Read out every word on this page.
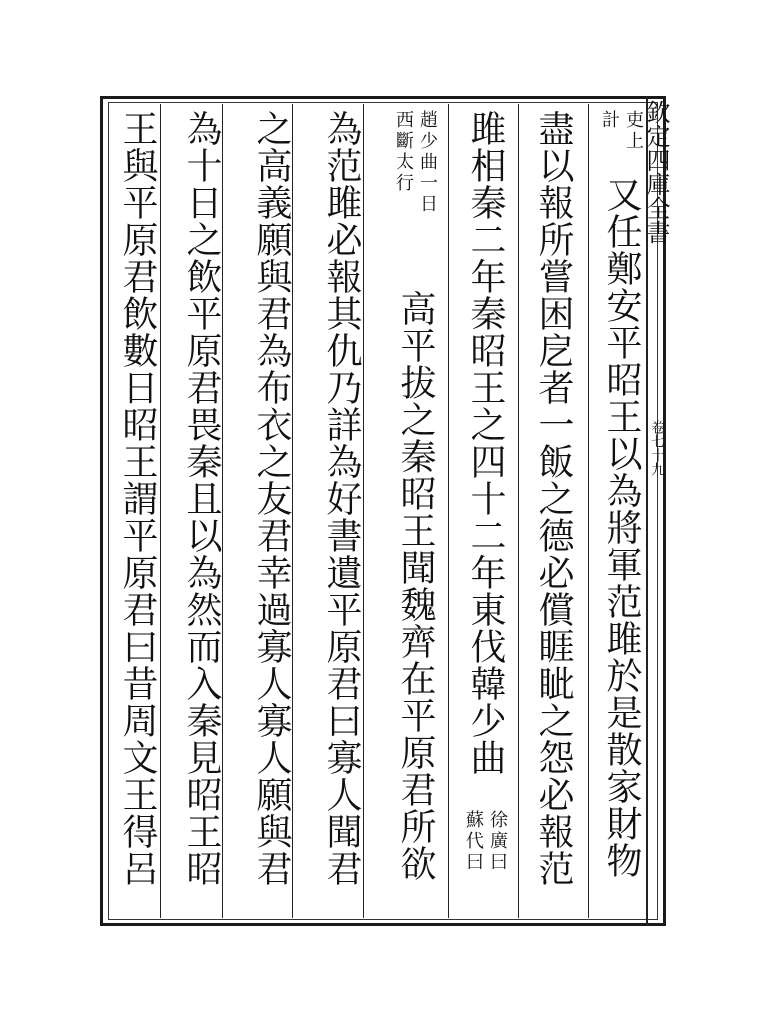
欽定四庫全書
卷七十九
吏上
計
又任鄭安平昭王以為將軍范雎於是散家財物
盡以報所嘗困戹者一飯之德必償睚眦之怨必報范
雎相秦二年秦昭王之四十二年東伐韓少曲
徐廣曰
蘇代曰
趙少曲一日
西斷太行
高平拔之秦昭王聞魏齊在平原君所欲
為范雎必報其仇乃詳為好書遺平原君曰寡人聞君
之高義願與君為布衣之友君幸過寡人寡人願與君
為十日之飲平原君畏秦且以為然而入秦見昭王昭
王與平原君飲數日昭王謂平原君曰昔周文王得呂
